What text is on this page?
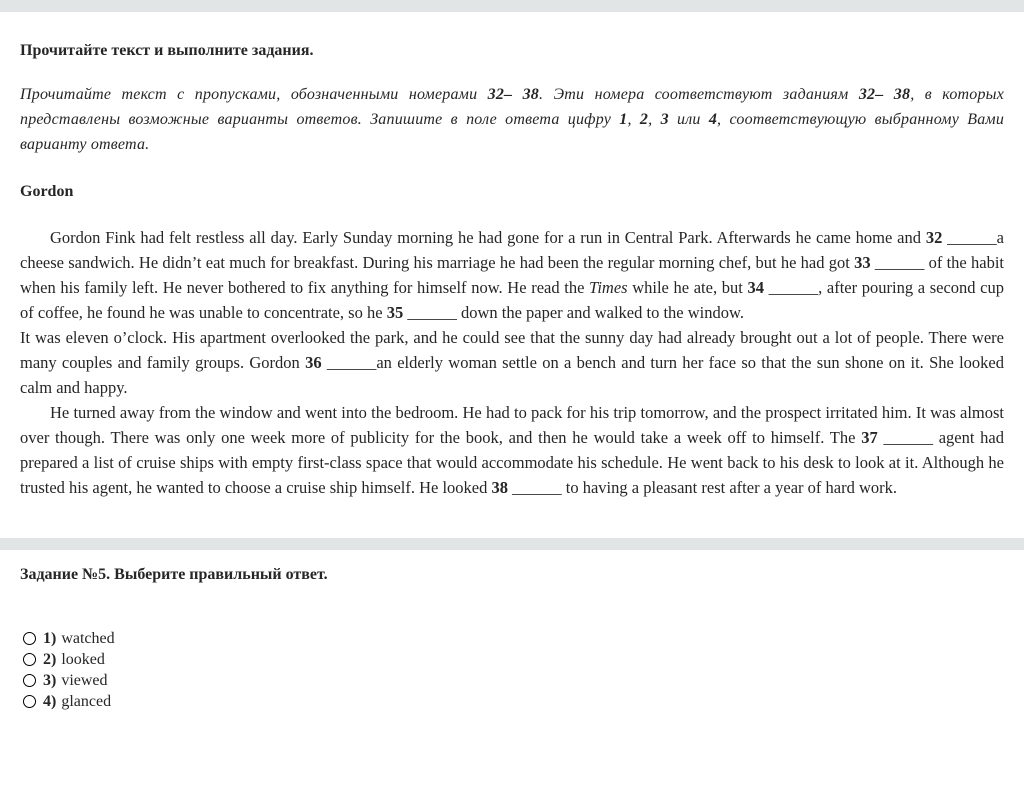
Прочитайте текст и выполните задания.

Прочитайте текст с пропусками, обозначенными номерами 32– 38. Эти номера соответствуют заданиям 32– 38, в которых представлены возможные варианты ответов. Запишите в поле ответа цифру 1, 2, 3 или 4, соответствующую выбранному Вами варианту ответа.

Gordon

Gordon Fink had felt restless all day. Early Sunday morning he had gone for a run in Central Park. Afterwards he came home and 32 ______a cheese sandwich. He didn’t eat much for breakfast. During his marriage he had been the regular morning chef, but he had got 33 ______ of the habit when his family left. He never bothered to fix anything for himself now. He read the Times while he ate, but 34 ______, after pouring a second cup of coffee, he found he was unable to concentrate, so he 35 ______ down the paper and walked to the window.

It was eleven o’clock. His apartment overlooked the park, and he could see that the sunny day had already brought out a lot of people. There were many couples and family groups. Gordon 36 ______an elderly woman settle on a bench and turn her face so that the sun shone on it. She looked calm and happy.

He turned away from the window and went into the bedroom. He had to pack for his trip tomorrow, and the prospect irritated him. It was almost over though. There was only one week more of publicity for the book, and then he would take a week off to himself. The 37 ______ agent had prepared a list of cruise ships with empty first-class space that would accommodate his schedule. He went back to his desk to look at it. Although he trusted his agent, he wanted to choose a cruise ship himself. He looked 38 ______ to having a pleasant rest after a year of hard work.

Задание №5. Выберите правильный ответ.
1) watched
2) looked
3) viewed
4) glanced
